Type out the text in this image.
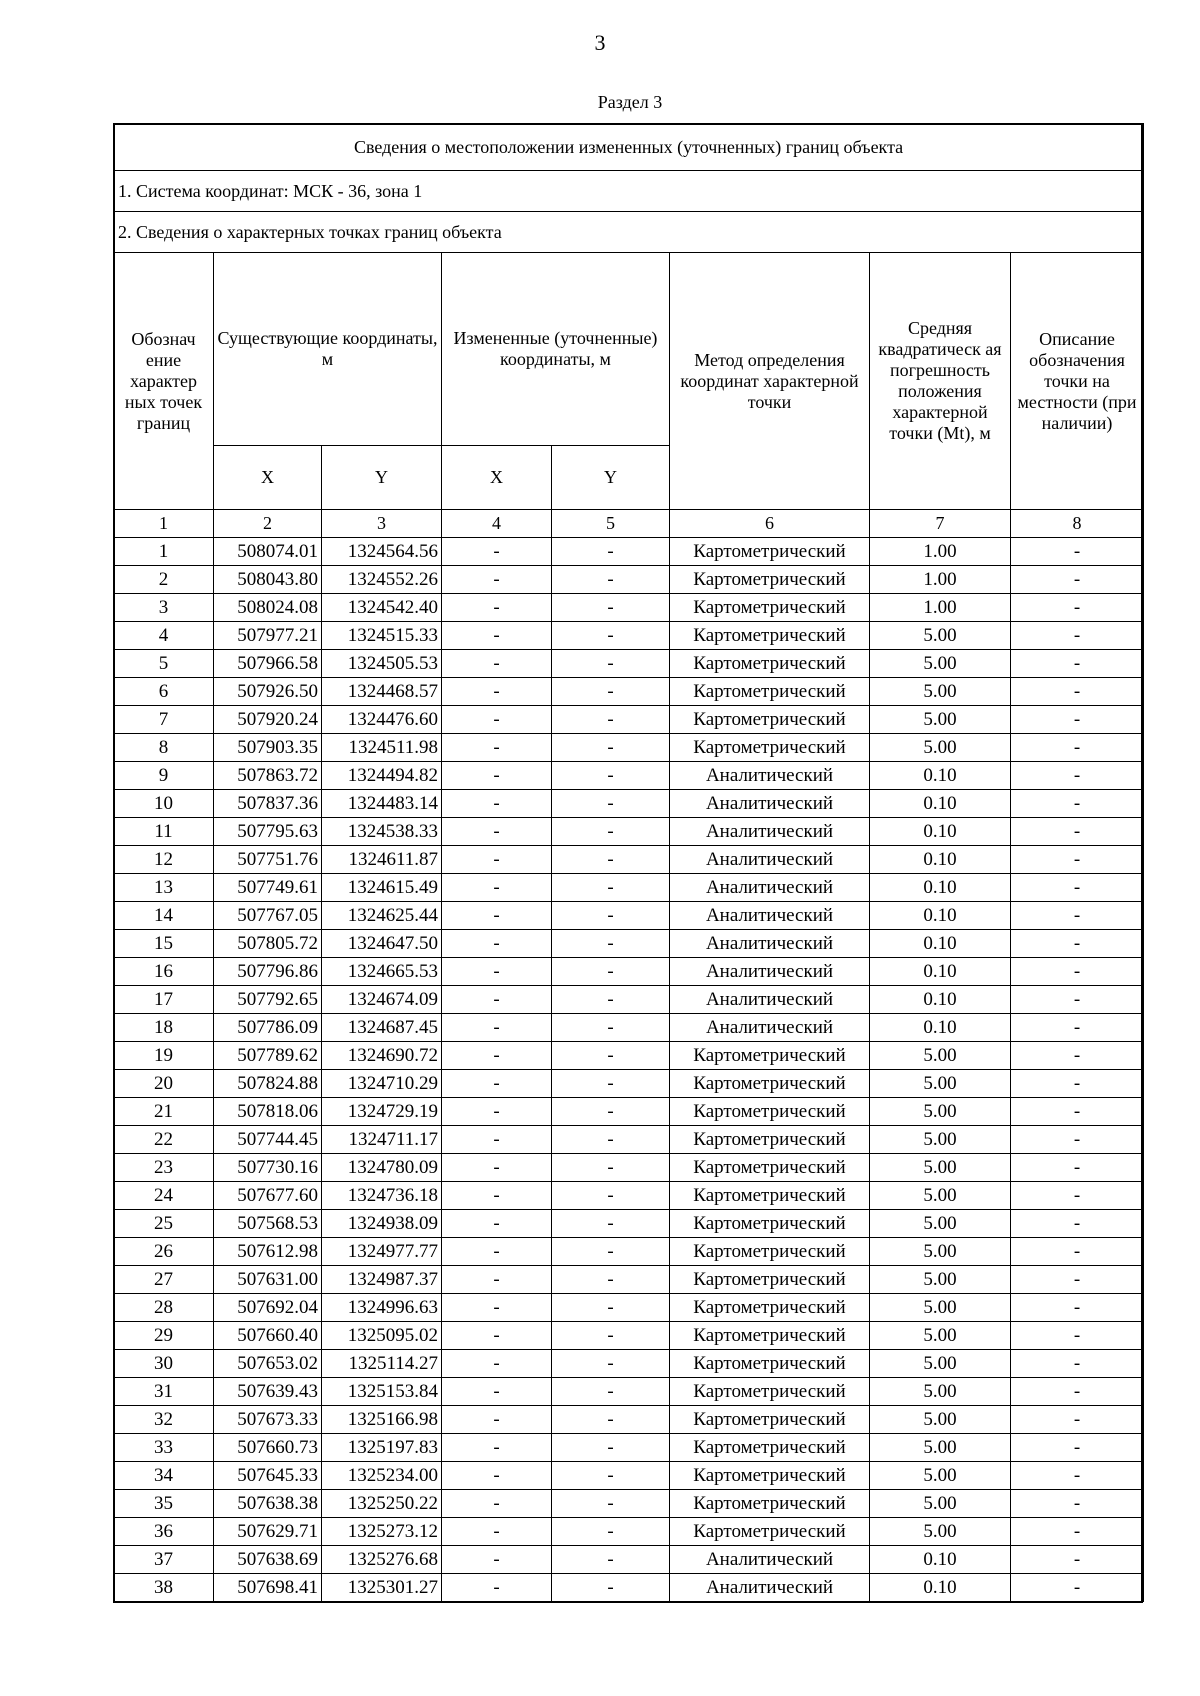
3
Раздел 3
Сведения о местоположении измененных (уточненных) границ объекта							
1. Система координат: МСК - 36, зона 1							
2. Сведения о характерных точках границ объекта							
Обознач ение характер ных точек границ	Существующие координаты, м		Измененные (уточненные) координаты, м		Метод определения координат характерной точки	Средняя квадратическ ая погрешность положения характерной точки (Mt), м	Описание обозначения точки на местности (при наличии)
	X	Y	X	Y			
1	2	3	4	5	6	7	8
1	508074.01	1324564.56	-	-	Картометрический	1.00	-
2	508043.80	1324552.26	-	-	Картометрический	1.00	-
3	508024.08	1324542.40	-	-	Картометрический	1.00	-
4	507977.21	1324515.33	-	-	Картометрический	5.00	-
5	507966.58	1324505.53	-	-	Картометрический	5.00	-
6	507926.50	1324468.57	-	-	Картометрический	5.00	-
7	507920.24	1324476.60	-	-	Картометрический	5.00	-
8	507903.35	1324511.98	-	-	Картометрический	5.00	-
9	507863.72	1324494.82	-	-	Аналитический	0.10	-
10	507837.36	1324483.14	-	-	Аналитический	0.10	-
11	507795.63	1324538.33	-	-	Аналитический	0.10	-
12	507751.76	1324611.87	-	-	Аналитический	0.10	-
13	507749.61	1324615.49	-	-	Аналитический	0.10	-
14	507767.05	1324625.44	-	-	Аналитический	0.10	-
15	507805.72	1324647.50	-	-	Аналитический	0.10	-
16	507796.86	1324665.53	-	-	Аналитический	0.10	-
17	507792.65	1324674.09	-	-	Аналитический	0.10	-
18	507786.09	1324687.45	-	-	Аналитический	0.10	-
19	507789.62	1324690.72	-	-	Картометрический	5.00	-
20	507824.88	1324710.29	-	-	Картометрический	5.00	-
21	507818.06	1324729.19	-	-	Картометрический	5.00	-
22	507744.45	1324711.17	-	-	Картометрический	5.00	-
23	507730.16	1324780.09	-	-	Картометрический	5.00	-
24	507677.60	1324736.18	-	-	Картометрический	5.00	-
25	507568.53	1324938.09	-	-	Картометрический	5.00	-
26	507612.98	1324977.77	-	-	Картометрический	5.00	-
27	507631.00	1324987.37	-	-	Картометрический	5.00	-
28	507692.04	1324996.63	-	-	Картометрический	5.00	-
29	507660.40	1325095.02	-	-	Картометрический	5.00	-
30	507653.02	1325114.27	-	-	Картометрический	5.00	-
31	507639.43	1325153.84	-	-	Картометрический	5.00	-
32	507673.33	1325166.98	-	-	Картометрический	5.00	-
33	507660.73	1325197.83	-	-	Картометрический	5.00	-
34	507645.33	1325234.00	-	-	Картометрический	5.00	-
35	507638.38	1325250.22	-	-	Картометрический	5.00	-
36	507629.71	1325273.12	-	-	Картометрический	5.00	-
37	507638.69	1325276.68	-	-	Аналитический	0.10	-
38	507698.41	1325301.27	-	-	Аналитический	0.10	-
